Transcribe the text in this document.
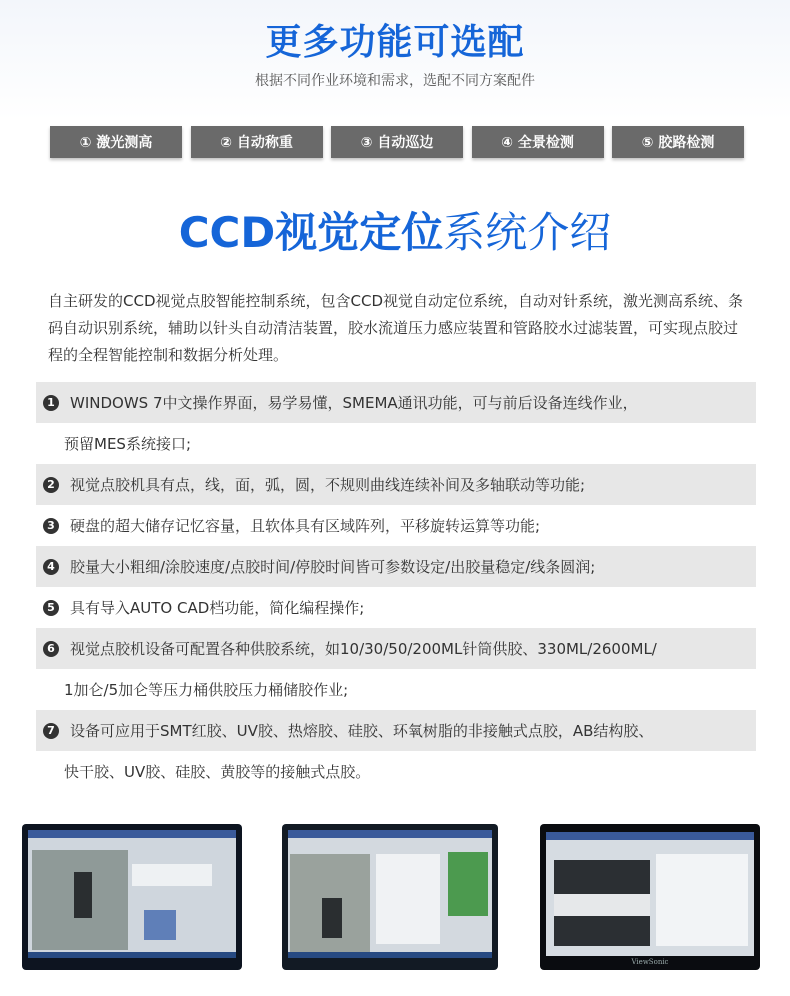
更多功能可选配
根据不同作业环境和需求，选配不同方案配件
① 激光测高	② 自动称重	③ 自动巡边	④ 全景检测	⑤ 胶路检测
CCD视觉定位系统介绍
自主研发的CCD视觉点胶智能控制系统，包含CCD视觉自动定位系统，自动对针系统，激光测高系统、条码自动识别系统，辅助以针头自动清洁装置，胶水流道压力感应装置和管路胶水过滤装置，可实现点胶过程的全程智能控制和数据分析处理。
1 WINDOWS 7中文操作界面，易学易懂，SMEMA通讯功能，可与前后设备连线作业，
预留MES系统接口;
2 视觉点胶机具有点，线，面，弧，圆，不规则曲线连续补间及多轴联动等功能;
3 硬盘的超大储存记忆容量，且软体具有区域阵列，平移旋转运算等功能;
4 胶量大小粗细/涂胶速度/点胶时间/停胶时间皆可参数设定/出胶量稳定/线条圆润;
5 具有导入AUTO CAD档功能，简化编程操作;
6 视觉点胶机设备可配置各种供胶系统，如10/30/50/200ML针筒供胶、330ML/2600ML/
1加仑/5加仑等压力桶供胶压力桶储胶作业;
7 设备可应用于SMT红胶、UV胶、热熔胶、硅胶、环氧树脂的非接触式点胶，AB结构胶、
快干胶、UV胶、硅胶、黄胶等的接触式点胶。
ViewSonic
